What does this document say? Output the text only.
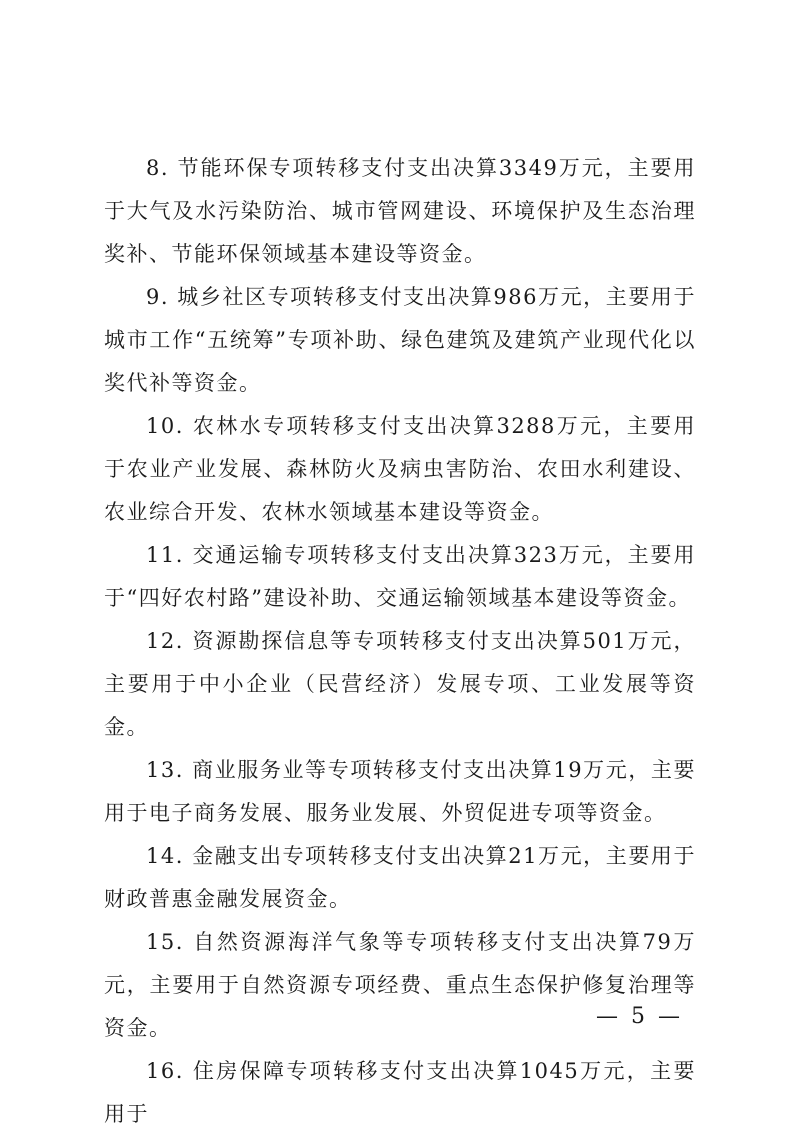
8. 节能环保专项转移支付支出决算3349万元，主要用于大气及水污染防治、城市管网建设、环境保护及生态治理奖补、节能环保领域基本建设等资金。

9. 城乡社区专项转移支付支出决算986万元，主要用于城市工作“五统筹”专项补助、绿色建筑及建筑产业现代化以奖代补等资金。

10. 农林水专项转移支付支出决算3288万元，主要用于农业产业发展、森林防火及病虫害防治、农田水利建设、农业综合开发、农林水领域基本建设等资金。

11. 交通运输专项转移支付支出决算323万元，主要用于“四好农村路”建设补助、交通运输领域基本建设等资金。

12. 资源勘探信息等专项转移支付支出决算501万元，主要用于中小企业（民营经济）发展专项、工业发展等资金。

13. 商业服务业等专项转移支付支出决算19万元，主要用于电子商务发展、服务业发展、外贸促进专项等资金。

14. 金融支出专项转移支付支出决算21万元，主要用于财政普惠金融发展资金。

15. 自然资源海洋气象等专项转移支付支出决算79万元，主要用于自然资源专项经费、重点生态保护修复治理等资金。

16. 住房保障专项转移支付支出决算1045万元，主要用于

— 5 —
